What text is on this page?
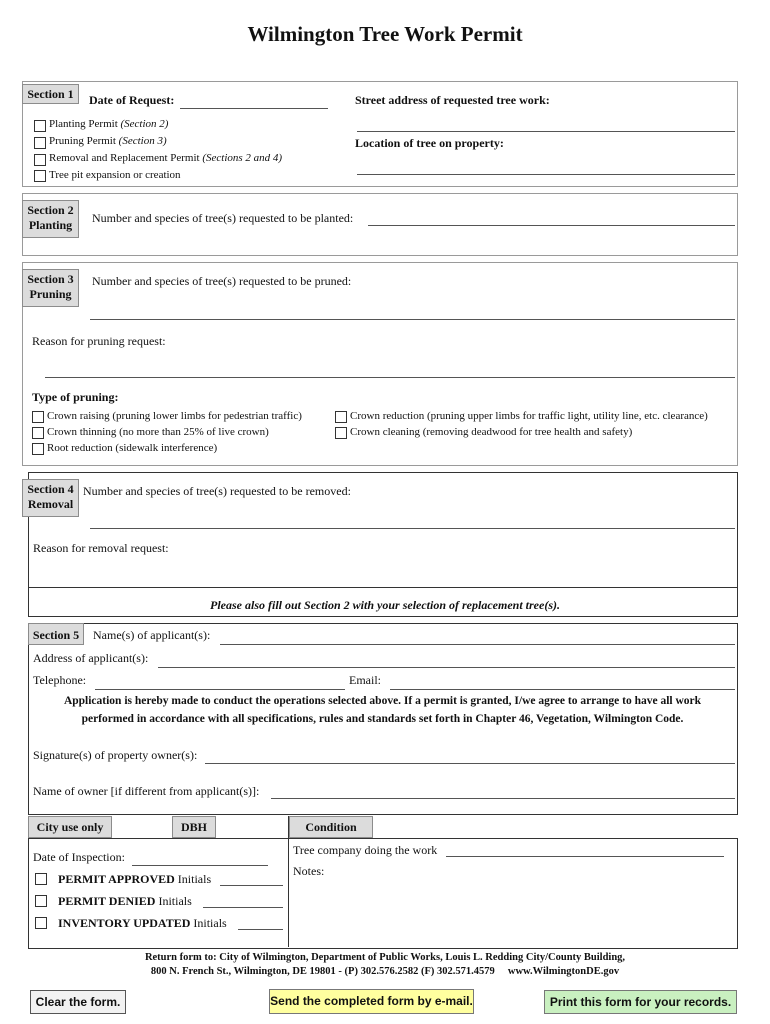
Wilmington Tree Work Permit
Section 1	Date of Request:	Street address of requested tree work:
Location of tree on property:
Planting Permit (Section 2)
Pruning Permit (Section 3)
Removal and Replacement Permit (Sections 2 and 4)
Tree pit expansion or creation
Section 2
Planting	Number and species of tree(s) requested to be planted:
Section 3
Pruning
Number and species of tree(s) requested to be pruned:
Reason for pruning request:
Type of pruning:
Crown raising (pruning lower limbs for pedestrian traffic)
Crown thinning (no more than 25% of live crown)
Root reduction (sidewalk interference)
Crown reduction (pruning upper limbs for traffic light, utility line, etc. clearance)
Crown cleaning (removing deadwood for tree health and safety)
Section 4
Removal
Number and species of tree(s) requested to be removed:
Reason for removal request:
Please also fill out Section 2 with your selection of replacement tree(s).
Section 5	Name(s) of applicant(s):
Address of applicant(s):
Telephone:	Email:
Application is hereby made to conduct the operations selected above. If a permit is granted, I/we agree to arrange to have all work
performed in accordance with all specifications, rules and standards set forth in Chapter 46, Vegetation, Wilmington Code.
Signature(s) of property owner(s):
Name of owner [if different from applicant(s)]:
City use only	DBH	Condition
Date of Inspection:
PERMIT APPROVED Initials
PERMIT DENIED Initials
INVENTORY UPDATED Initials
Tree company doing the work
Notes:
Return form to: City of Wilmington, Department of Public Works, Louis L. Redding City/County Building,
800 N. French St., Wilmington, DE 19801 - (P) 302.576.2582 (F) 302.571.4579     www.WilmingtonDE.gov
Clear the form.	Send the completed form by e-mail.	Print this form for your records.
